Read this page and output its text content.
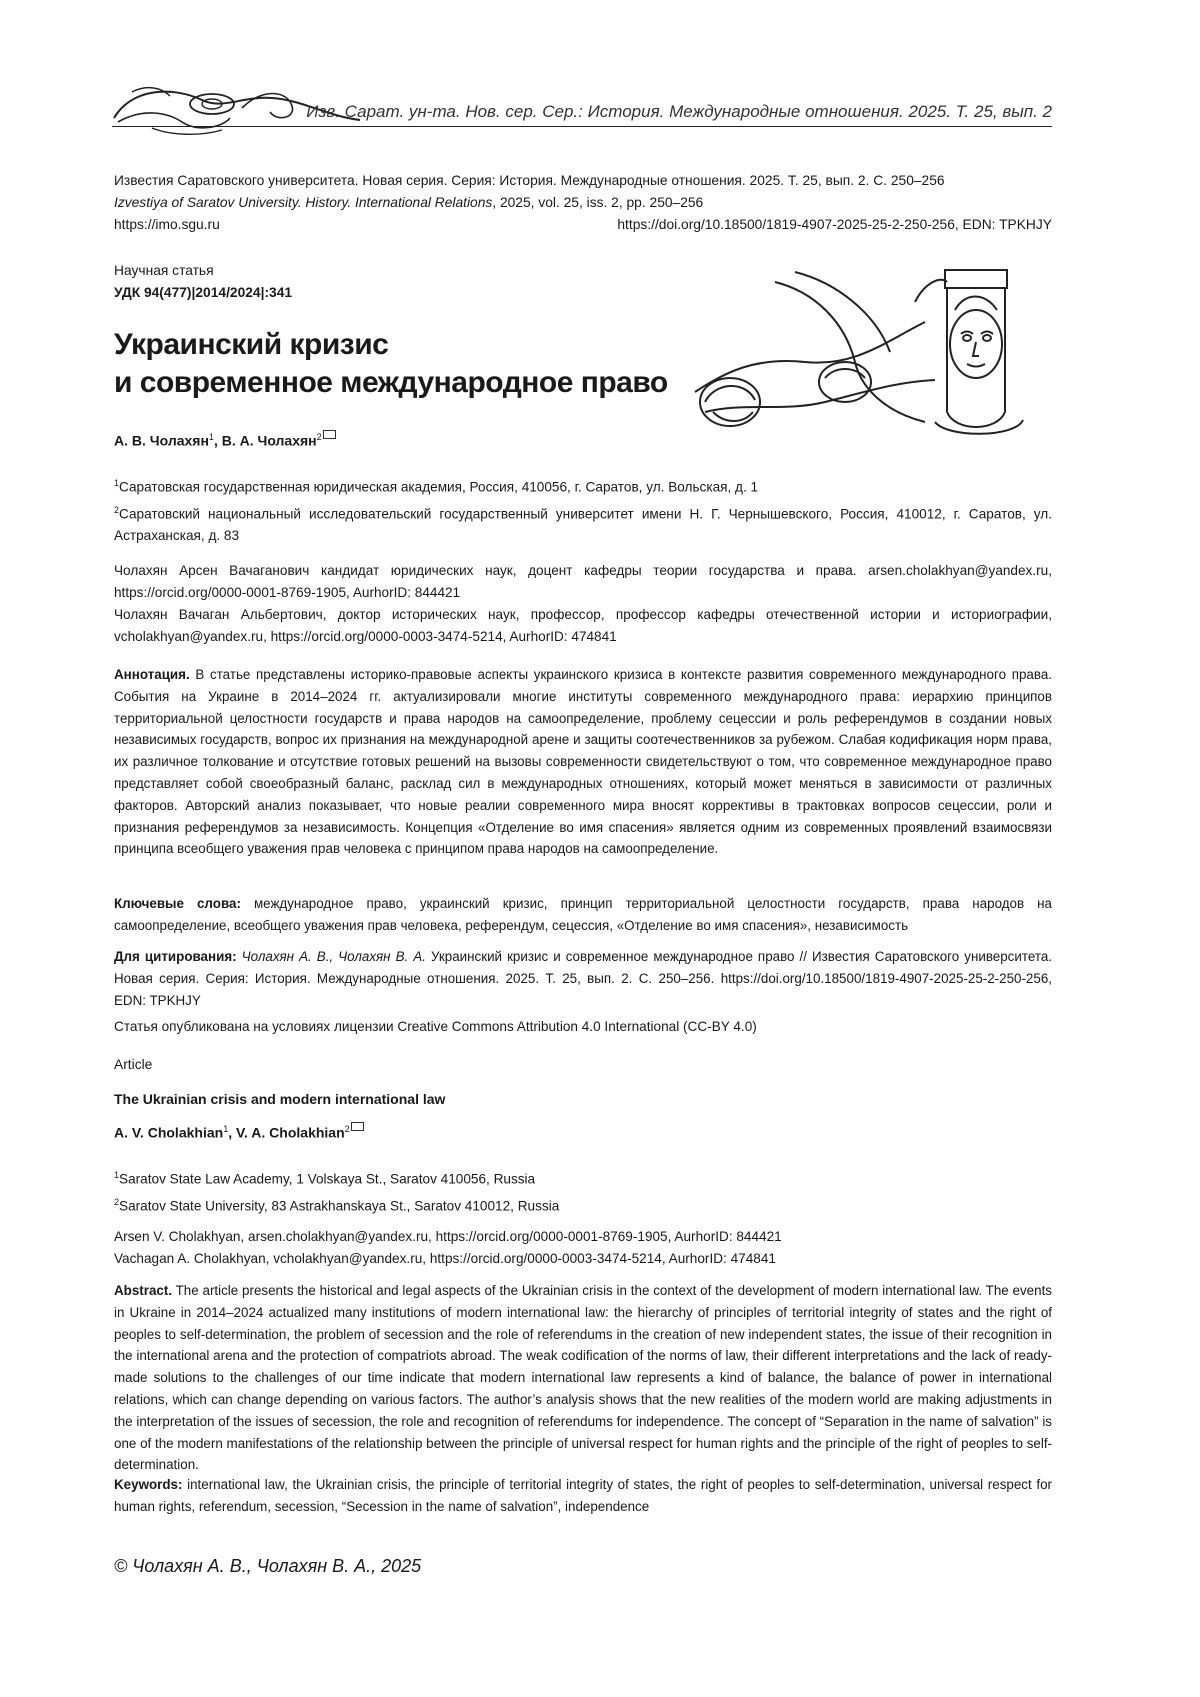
Изв. Сарат. ун-та. Нов. сер. Сер.: История. Международные отношения. 2025. Т. 25, вып. 2
Известия Саратовского университета. Новая серия. Серия: История. Международные отношения. 2025. Т. 25, вып. 2. С. 250–256
Izvestiya of Saratov University. History. International Relations, 2025, vol. 25, iss. 2, pp. 250–256
https://imo.sgu.ru	https://doi.org/10.18500/1819-4907-2025-25-2-250-256, EDN: TPKHJY
Научная статья
УДК 94(477)|2014/2024|:341
Украинский кризис
и современное международное право
А. В. Чолахян1, В. А. Чолахян2

1Саратовская государственная юридическая академия, Россия, 410056, г. Саратов, ул. Вольская, д. 1

2Саратовский национальный исследовательский государственный университет имени Н. Г. Чернышевского, Россия, 410012, г. Саратов, ул. Астраханская, д. 83

Чолахян Арсен Вачаганович кандидат юридических наук, доцент кафедры теории государства и права. arsen.cholakhyan@yandex.ru, https://orcid.org/0000-0001-8769-1905, AurhorID: 844421

Чолахян Вачаган Альбертович, доктор исторических наук, профессор, профессор кафедры отечественной истории и историографии, vcholakhyan@yandex.ru, https://orcid.org/0000-0003-3474-5214, AurhorID: 474841

Аннотация. В статье представлены историко-правовые аспекты украинского кризиса в контексте развития современного международного права. События на Украине в 2014–2024 гг. актуализировали многие институты современного международного права: иерархию принципов территориальной целостности государств и права народов на самоопределение, проблему сецессии и роль референдумов в создании новых независимых государств, вопрос их признания на международной арене и защиты соотечественников за рубежом. Слабая кодификация норм права, их различное толкование и отсутствие готовых решений на вызовы современности свидетельствуют о том, что современное международное право представляет собой своеобразный баланс, расклад сил в международных отношениях, который может меняться в зависимости от различных факторов. Авторский анализ показывает, что новые реалии современного мира вносят коррективы в трактовках вопросов сецессии, роли и признания референдумов за независимость. Концепция «Отделение во имя спасения» является одним из современных проявлений взаимосвязи принципа всеобщего уважения прав человека с принципом права народов на самоопределение.

Ключевые слова: международное право, украинский кризис, принцип территориальной целостности государств, права народов на самоопределение, всеобщего уважения прав человека, референдум, сецессия, «Отделение во имя спасения», независимость

Для цитирования: Чолахян А. В., Чолахян В. А. Украинский кризис и современное международное право // Известия Саратовского университета. Новая серия. Серия: История. Международные отношения. 2025. Т. 25, вып. 2. С. 250–256. https://doi.org/10.18500/1819-4907-2025-25-2-250-256, EDN: TPKHJY

Статья опубликована на условиях лицензии Creative Commons Attribution 4.0 International (CC-BY 4.0)
Article
The Ukrainian crisis and modern international law
A. V. Cholakhian1, V. A. Cholakhian2

1Saratov State Law Academy, 1 Volskaya St., Saratov 410056, Russia

2Saratov State University, 83 Astrakhanskaya St., Saratov 410012, Russia

Arsen V. Cholakhyan, arsen.cholakhyan@yandex.ru, https://orcid.org/0000-0001-8769-1905, AurhorID: 844421

Vachagan A. Cholakhyan, vcholakhyan@yandex.ru, https://orcid.org/0000-0003-3474-5214, AurhorID: 474841

Abstract. The article presents the historical and legal aspects of the Ukrainian crisis in the context of the development of modern international law. The events in Ukraine in 2014–2024 actualized many institutions of modern international law: the hierarchy of principles of territorial integrity of states and the right of peoples to self-determination, the problem of secession and the role of referendums in the creation of new independent states, the issue of their recognition in the international arena and the protection of compatriots abroad. The weak codification of the norms of law, their different interpretations and the lack of ready-made solutions to the challenges of our time indicate that modern international law represents a kind of balance, the balance of power in international relations, which can change depending on various factors. The author’s analysis shows that the new realities of the modern world are making adjustments in the interpretation of the issues of secession, the role and recognition of referendums for independence. The concept of “Separation in the name of salvation” is one of the modern manifestations of the relationship between the principle of universal respect for human rights and the principle of the right of peoples to self-determination.

Keywords: international law, the Ukrainian crisis, the principle of territorial integrity of states, the right of peoples to self-determination, universal respect for human rights, referendum, secession, “Secession in the name of salvation”, independence

© Чолахян А. В., Чолахян В. А., 2025
